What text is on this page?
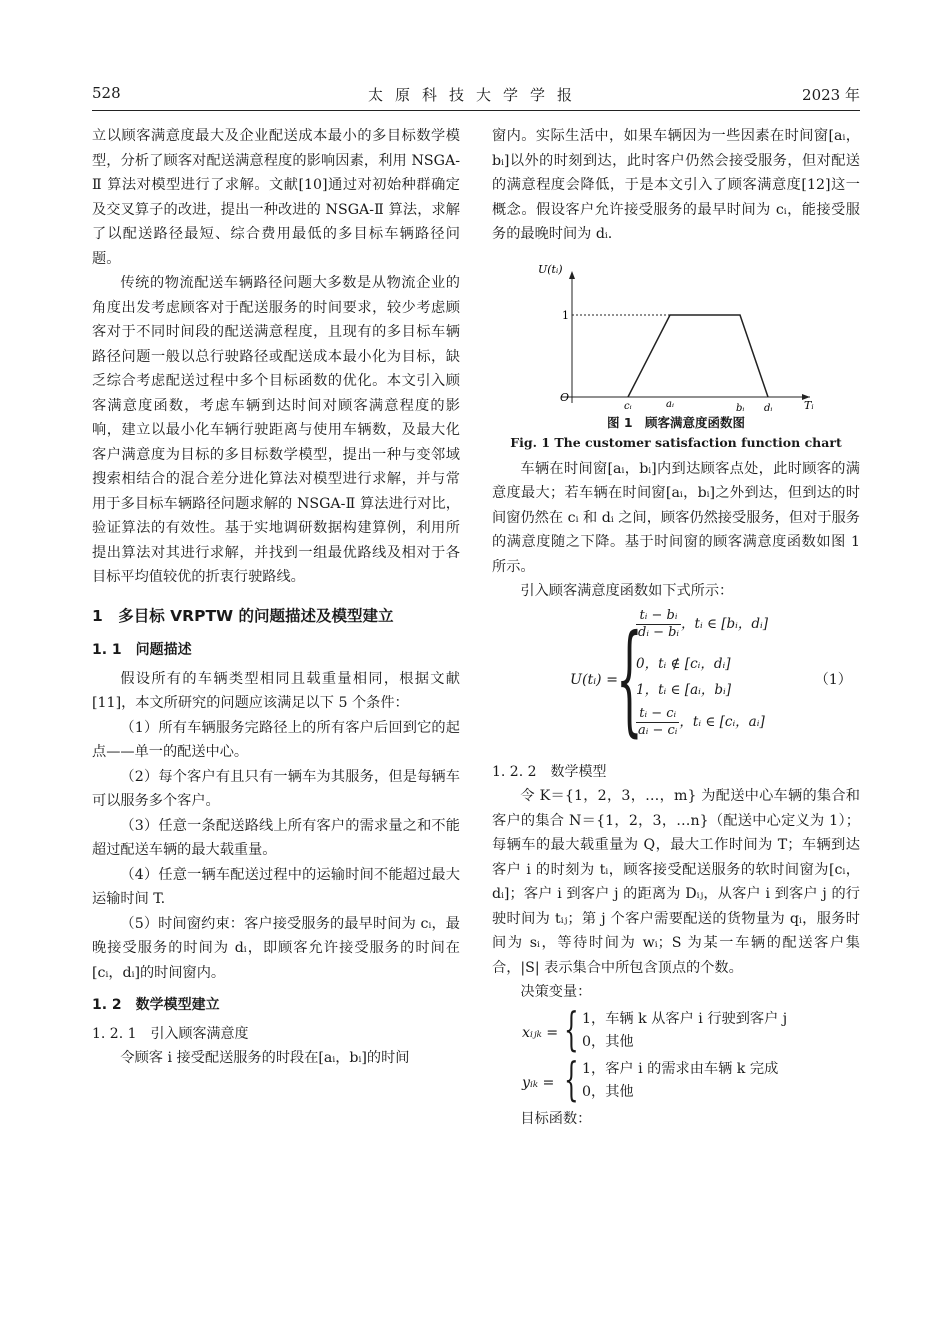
528	太原科技大学学报	2023 年

立以顾客满意度最大及企业配送成本最小的多目标数学模型，分析了顾客对配送满意程度的影响因素，利用 NSGA-Ⅱ 算法对模型进行了求解。文献[10]通过对初始种群确定及交叉算子的改进，提出一种改进的 NSGA-Ⅱ 算法，求解了以配送路径最短、综合费用最低的多目标车辆路径问题。

传统的物流配送车辆路径问题大多数是从物流企业的角度出发考虑顾客对于配送服务的时间要求，较少考虑顾客对于不同时间段的配送满意程度，且现有的多目标车辆路径问题一般以总行驶路径或配送成本最小化为目标，缺乏综合考虑配送过程中多个目标函数的优化。本文引入顾客满意度函数，考虑车辆到达时间对顾客满意程度的影响，建立以最小化车辆行驶距离与使用车辆数，及最大化客户满意度为目标的多目标数学模型，提出一种与变邻域搜索相结合的混合差分进化算法对模型进行求解，并与常用于多目标车辆路径问题求解的 NSGA-Ⅱ 算法进行对比，验证算法的有效性。基于实地调研数据构建算例，利用所提出算法对其进行求解，并找到一组最优路线及相对于各目标平均值较优的折衷行驶路线。

1　多目标 VRPTW 的问题描述及模型建立
1. 1　问题描述

假设所有的车辆类型相同且载重量相同，根据文献[11]，本文所研究的问题应该满足以下 5 个条件：

（1）所有车辆服务完路径上的所有客户后回到它的起点——单一的配送中心。

（2）每个客户有且只有一辆车为其服务，但是每辆车可以服务多个客户。

（3）任意一条配送路线上所有客户的需求量之和不能超过配送车辆的最大载重量。

（4）任意一辆车配送过程中的运输时间不能超过最大运输时间 T.

（5）时间窗约束：客户接受服务的最早时间为 cᵢ，最晚接受服务的时间为 dᵢ，即顾客允许接受服务的时间在[cᵢ，dᵢ]的时间窗内。

1. 2　数学模型建立
1. 2. 1　引入顾客满意度

令顾客 i 接受配送服务的时段在[aᵢ，bᵢ]的时间

窗内。实际生活中，如果车辆因为一些因素在时间窗[aᵢ，bᵢ]以外的时刻到达，此时客户仍然会接受服务，但对配送的满意程度会降低，于是本文引入了顾客满意度[12]这一概念。假设客户允许接受服务的最早时间为 cᵢ，能接受服务的最晚时间为 dᵢ.

U(tᵢ)
O
1
cᵢ	aᵢ	bᵢ dᵢ	Tᵢ
图 1　顾客满意度函数图
Fig. 1 The customer satisfaction function chart

车辆在时间窗[aᵢ，bᵢ]内到达顾客点处，此时顾客的满意度最大；若车辆在时间窗[aᵢ，bᵢ]之外到达，但到达的时间窗仍然在 cᵢ 和 dᵢ 之间，顾客仍然接受服务，但对于服务的满意度随之下降。基于时间窗的顾客满意度函数如图 1 所示。

引入顾客满意度函数如下式所示：

U(tᵢ) =
{
$\frac{\text{tᵢ − bᵢ}}{\text{dᵢ − bᵢ}}$ ，tᵢ ∈ [bᵢ，dᵢ]
0，tᵢ ∉ [cᵢ，dᵢ]
1，tᵢ ∈ [aᵢ，bᵢ]
$\frac{\text{tᵢ − cᵢ}}{\text{aᵢ − cᵢ}}$ ，tᵢ ∈ [cᵢ，aᵢ]
（1）
1. 2. 2　数学模型

令 K＝{1，2，3，…，m} 为配送中心车辆的集合和客户的集合 N＝{1，2，3，…n}（配送中心定义为 1）；每辆车的最大载重量为 Q，最大工作时间为 T；车辆到达客户 i 的时刻为 tᵢ，顾客接受配送服务的软时间窗为[cᵢ，dᵢ]；客户 i 到客户 j 的距离为 Dᵢⱼ，从客户 i 到客户 j 的行驶时间为 tᵢⱼ；第 j 个客户需要配送的货物量为 qᵢ，服务时间为 sᵢ，等待时间为 wᵢ；S 为某一车辆的配送客户集合，|S| 表示集合中所包含顶点的个数。

决策变量：

xᵢⱼₖ = { 1，车辆 k 从客户 i 行驶到客户 j
0，其他
yᵢₖ = { 1，客户 i 的需求由车辆 k 完成
0，其他

目标函数：
